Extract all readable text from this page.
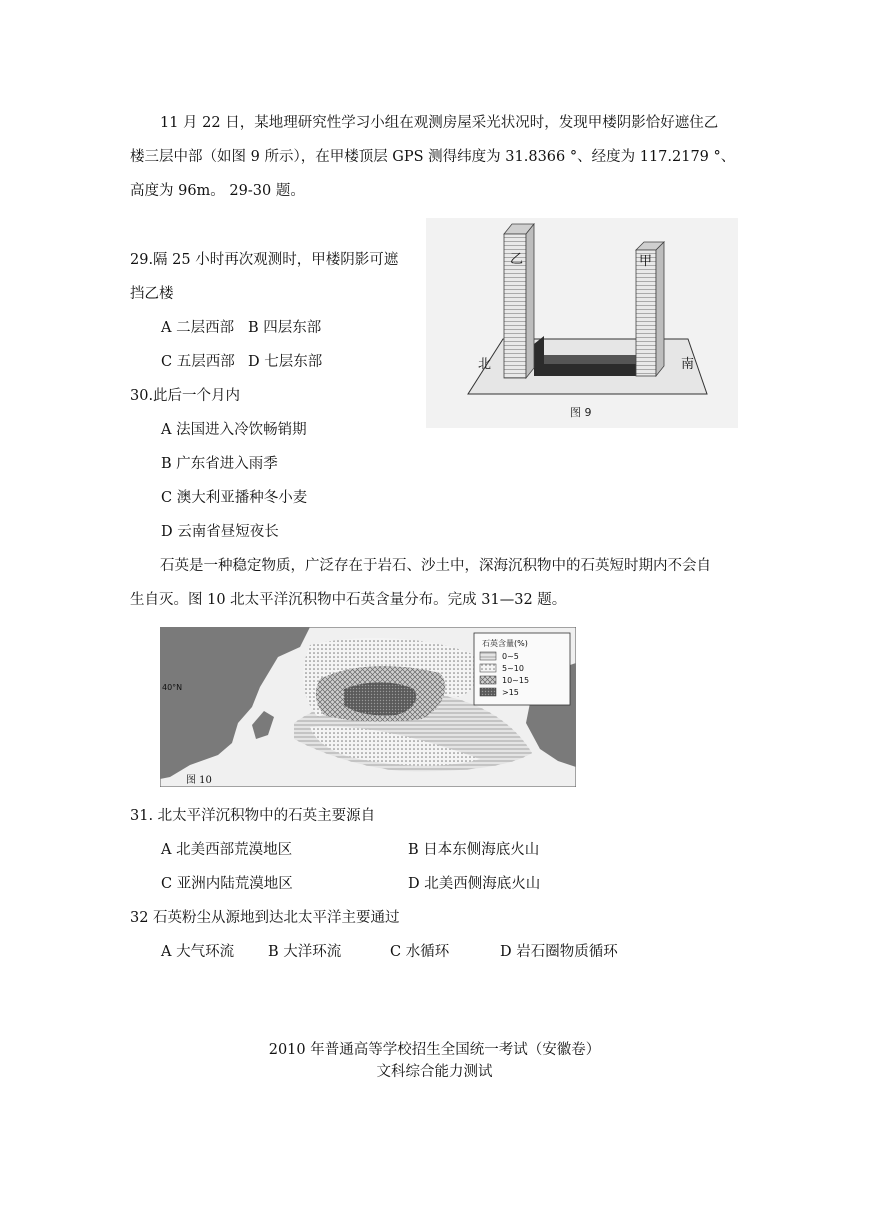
11 月 22 日，某地理研究性学习小组在观测房屋采光状况时，发现甲楼阴影恰好遮住乙
楼三层中部（如图 9 所示），在甲楼顶层 GPS 测得纬度为 31.8366 °、经度为 117.2179 °、
高度为 96m。 29-30 题。
29.隔 25 小时再次观测时，甲楼阴影可遮
挡乙楼
A 二层西部 B 四层东部
C 五层西部 D 七层东部
30.此后一个月内
A 法国进入冷饮畅销期
B 广东省进入雨季
C 澳大利亚播种冬小麦
D 云南省昼短夜长
乙	甲
北	南
图 9
石英是一种稳定物质，广泛存在于岩石、沙土中，深海沉积物中的石英短时期内不会自
生自灭。图 10 北太平洋沉积物中石英含量分布。完成 31—32 题。
40°N
石英含量(%)
0~5
5~10
10~15
>15
图 10
31. 北太平洋沉积物中的石英主要源自
A 北美西部荒漠地区	B 日本东侧海底火山
C 亚洲内陆荒漠地区	D 北美西侧海底火山
32 石英粉尘从源地到达北太平洋主要通过
A 大气环流 B 大洋环流	C 水循环	D 岩石圈物质循环
2010 年普通高等学校招生全国统一考试（安徽卷）
文科综合能力测试
